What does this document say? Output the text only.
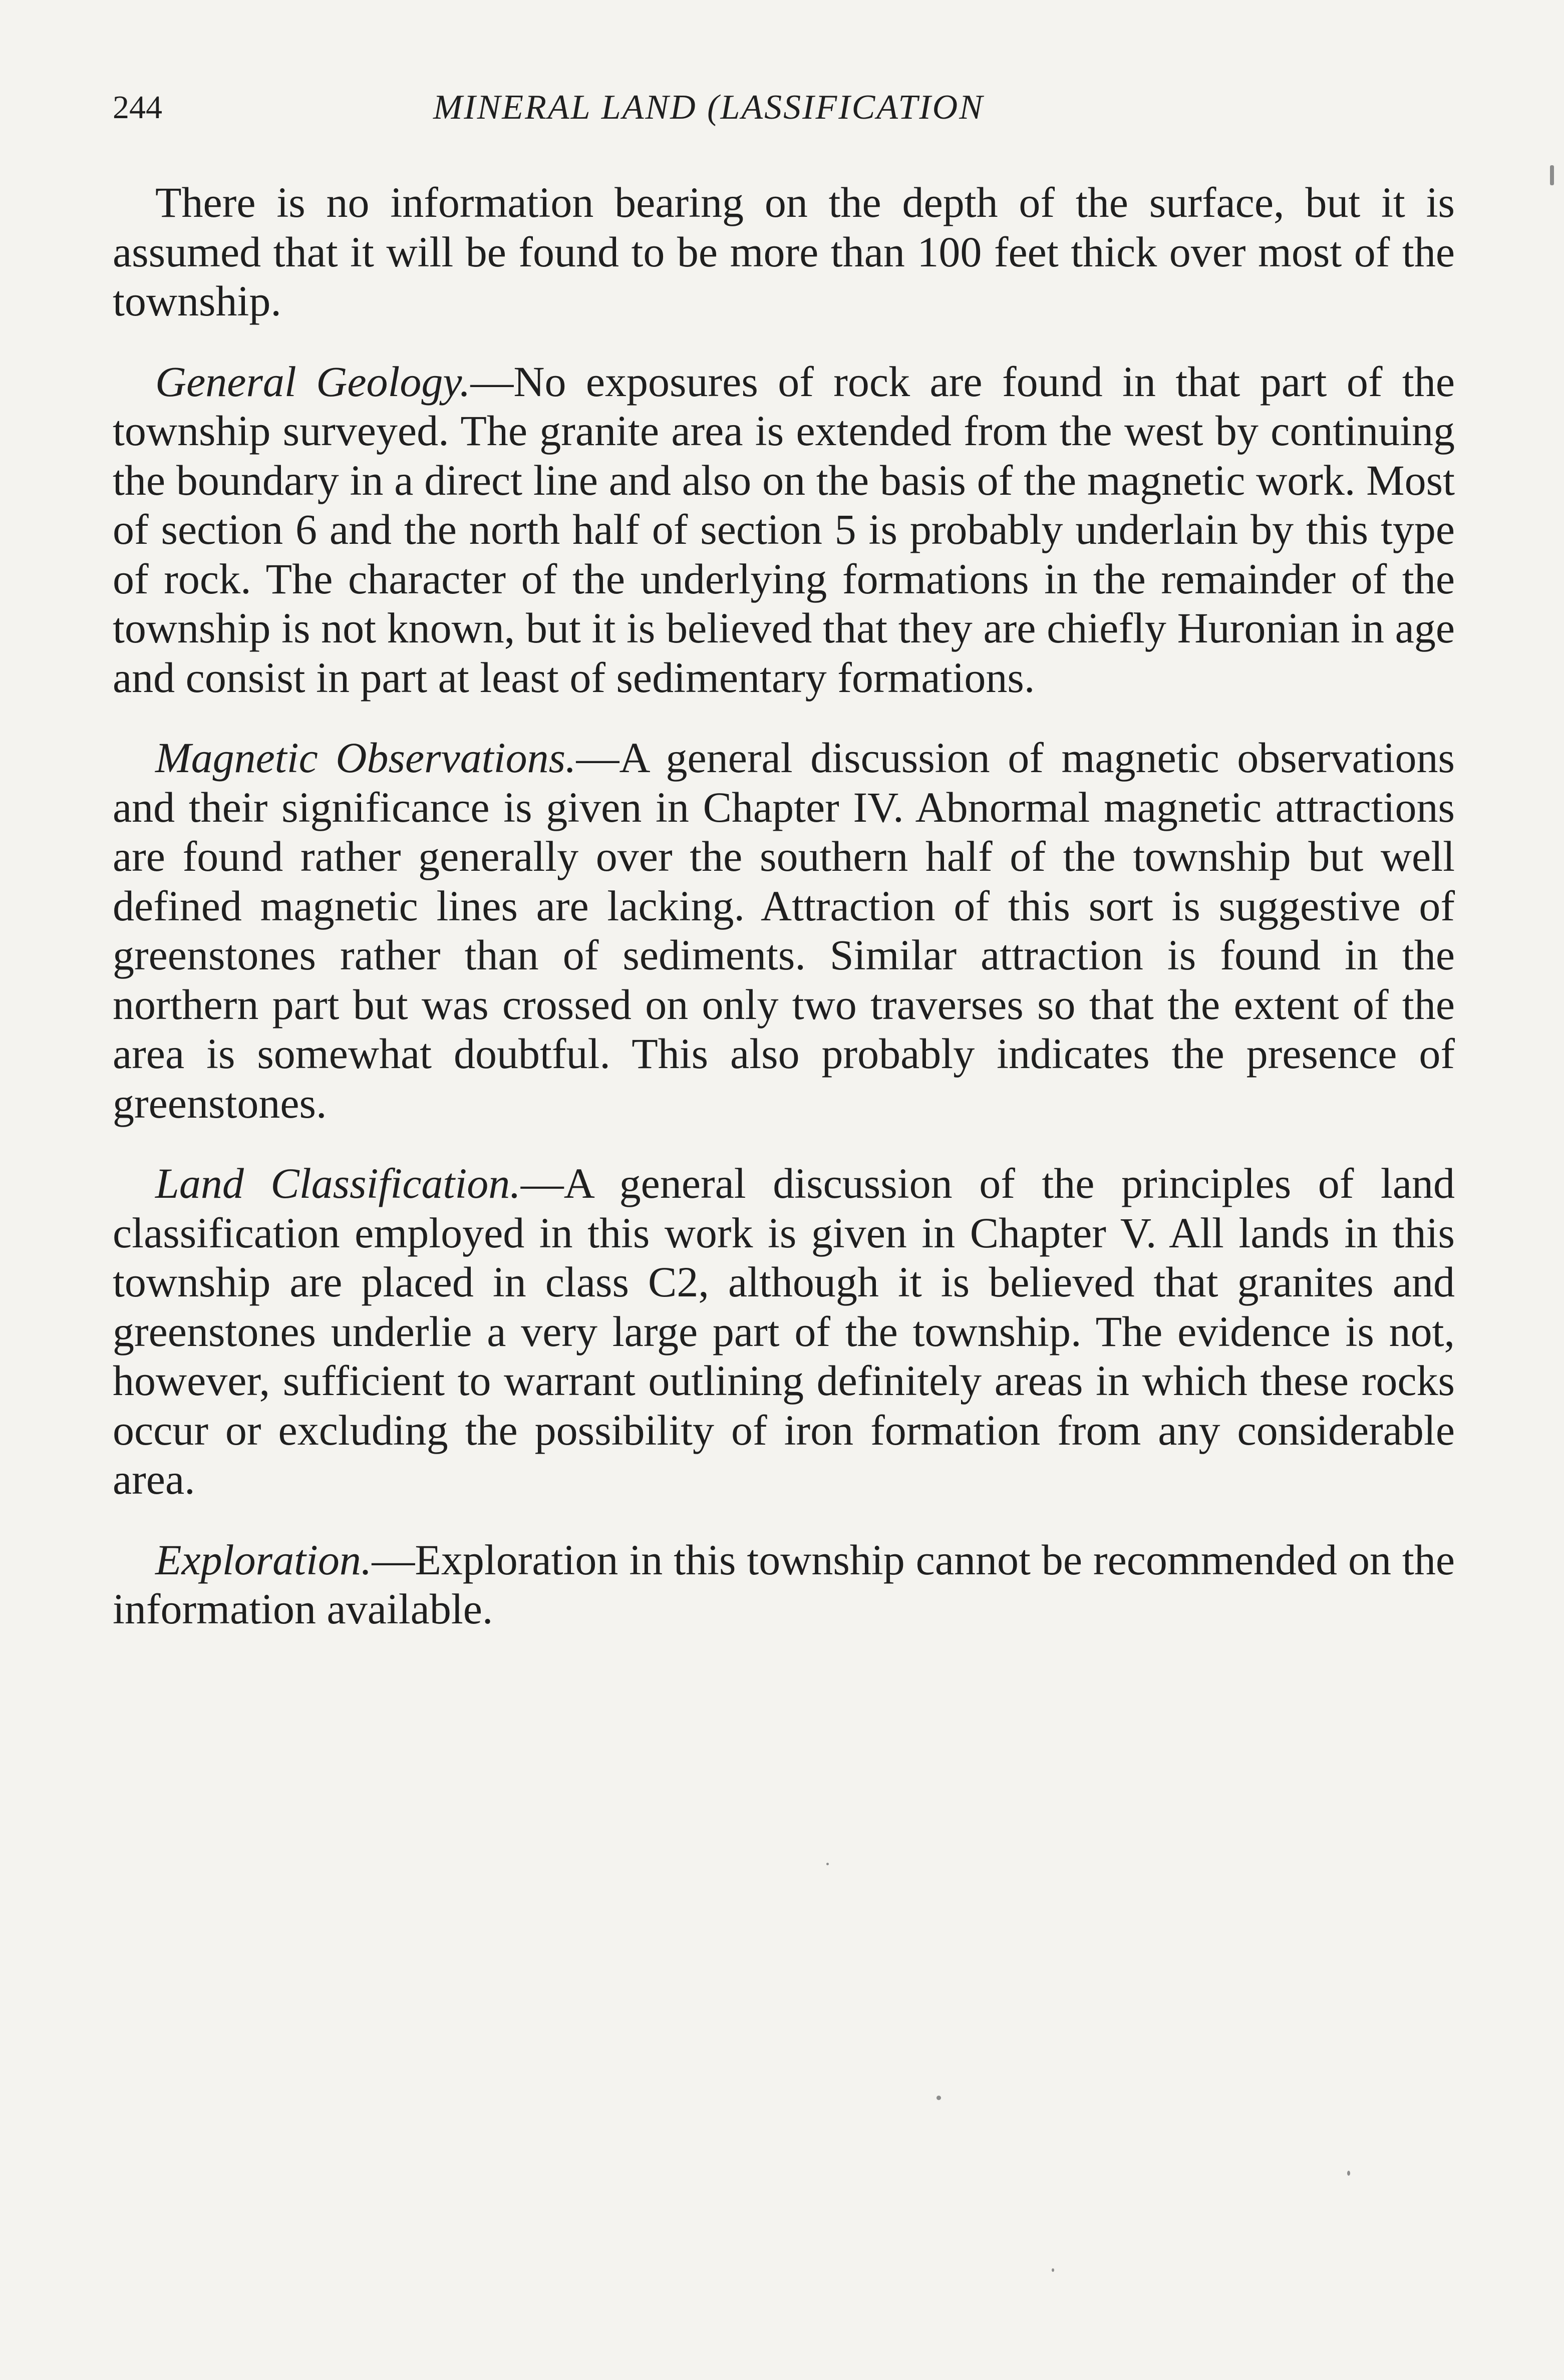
244	MINERAL LAND (LASSIFICATION

There is no information bearing on the depth of the surface, but it is assumed that it will be found to be more than 100 feet thick over most of the township.

General Geology.—No exposures of rock are found in that part of the township surveyed. The granite area is extended from the west by continuing the boundary in a direct line and also on the basis of the magnetic work. Most of section 6 and the north half of section 5 is probably underlain by this type of rock. The character of the underlying formations in the remainder of the township is not known, but it is believed that they are chiefly Huronian in age and consist in part at least of sedimentary formations.

Magnetic Observations.—A general discussion of magnetic observations and their significance is given in Chapter IV. Abnormal magnetic attractions are found rather generally over the southern half of the township but well defined magnetic lines are lacking. Attraction of this sort is suggestive of greenstones rather than of sediments. Similar attraction is found in the northern part but was crossed on only two traverses so that the extent of the area is somewhat doubtful. This also probably indicates the presence of greenstones.

Land Classification.—A general discussion of the principles of land classification employed in this work is given in Chapter V. All lands in this township are placed in class C2, although it is believed that granites and greenstones underlie a very large part of the township. The evidence is not, however, sufficient to warrant outlining definitely areas in which these rocks occur or excluding the possibility of iron formation from any considerable area.

Exploration.—Exploration in this township cannot be recommended on the information available.
